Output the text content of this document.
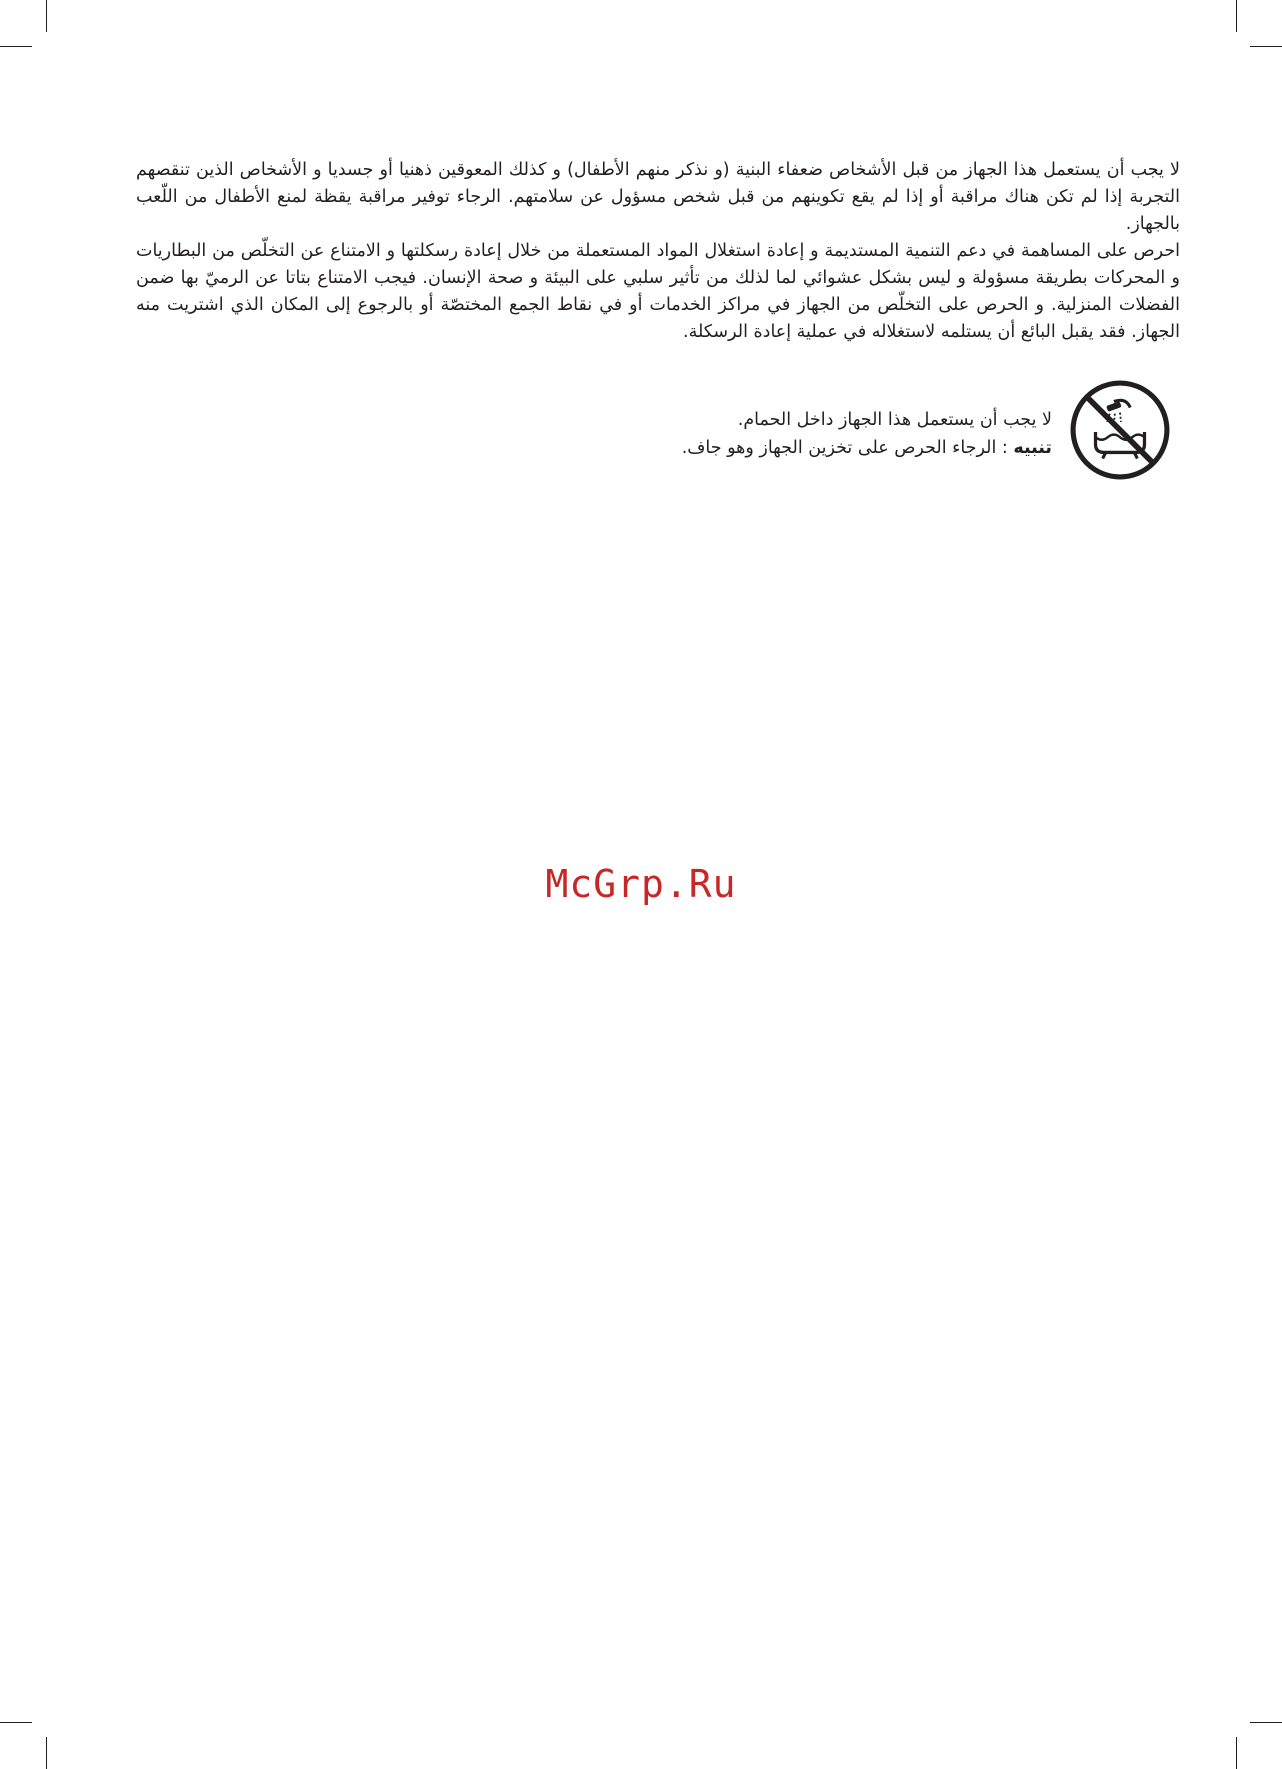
لا يجب أن يستعمل هذا الجهاز من قبل الأشخاص ضعفاء البنية (و نذكر منهم الأطفال) و كذلك المعوقين ذهنيا أو جسديا و الأشخاص الذين تنقصهم التجربة إذا لم تكن هناك مراقبة أو إذا لم يقع تكوينهم من قبل شخص مسؤول عن سلامتهم. الرجاء توفير مراقبة يقظة لمنع الأطفال من اللّعب بالجهاز.

احرص على المساهمة في دعم التنمية المستديمة و إعادة استغلال المواد المستعملة من خلال إعادة رسكلتها و الامتناع عن التخلّص من البطاريات و المحركات بطريقة مسؤولة و ليس بشكل عشوائي لما لذلك من تأثير سلبي على البيئة و صحة الإنسان. فيجب الامتناع بتاتا عن الرميّ بها ضمن الفضلات المنزلية. و الحرص على التخلّص من الجهاز في مراكز الخدمات أو في نقاط الجمع المختصّة أو بالرجوع إلى المكان الذي اشتريت منه الجهاز. فقد يقبل البائع أن يستلمه لاستغلاله في عملية إعادة الرسكلة.

لا يجب أن يستعمل هذا الجهاز داخل الحمام.
تنبيه : الرجاء الحرص على تخزين الجهاز وهو جاف.
McGrp.Ru
